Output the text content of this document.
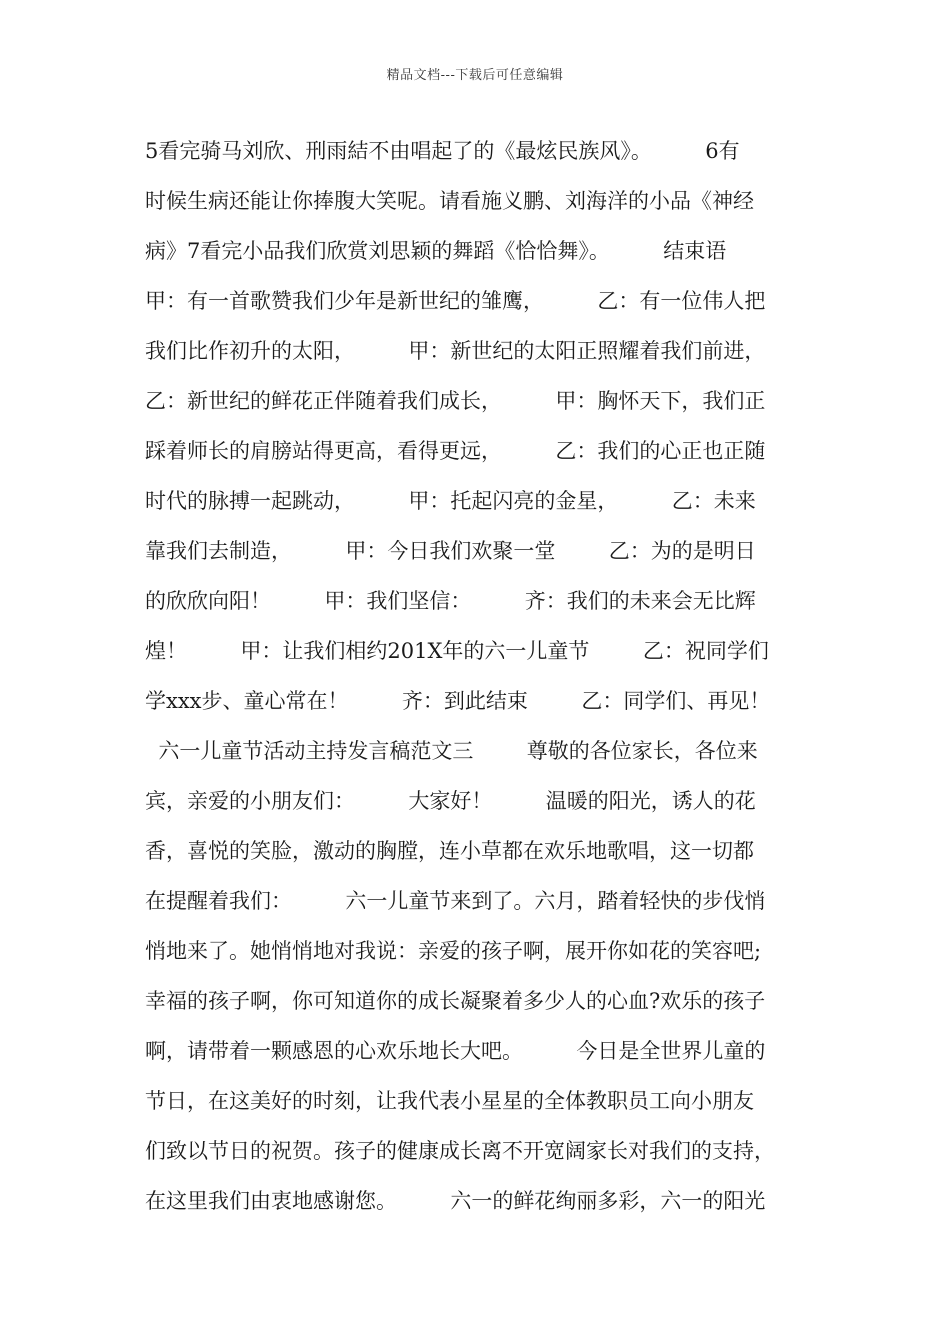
精品文档---下载后可任意编辑
5看完骑马刘欣、刑雨結不由唱起了的《最炫民族风》。        6有
时候生病还能让你捧腹大笑呢。请看施义鹏、刘海洋的小品《神经
病》7看完小品我们欣赏刘思颖的舞蹈《恰恰舞》。        结束语
甲：有一首歌赞我们少年是新世纪的雏鹰，        乙：有一位伟人把
我们比作初升的太阳，        甲：新世纪的太阳正照耀着我们前进，
乙：新世纪的鲜花正伴随着我们成长，        甲：胸怀天下，我们正
踩着师长的肩膀站得更高，看得更远，        乙：我们的心正也正随
时代的脉搏一起跳动，        甲：托起闪亮的金星，        乙：未来
靠我们去制造，        甲：今日我们欢聚一堂        乙：为的是明日
的欣欣向阳！        甲：我们坚信：        齐：我们的未来会无比辉
煌！        甲：让我们相约201X年的六一儿童节        乙：祝同学们
学xxx步、童心常在！        齐：到此结束        乙：同学们、再见！
六一儿童节活动主持发言稿范文三        尊敬的各位家长，各位来
宾，亲爱的小朋友们：        大家好！        温暖的阳光，诱人的花
香，喜悦的笑脸，激动的胸膛，连小草都在欢乐地歌唱，这一切都
在提醒着我们：        六一儿童节来到了。六月，踏着轻快的步伐悄
悄地来了。她悄悄地对我说：亲爱的孩子啊，展开你如花的笑容吧;
幸福的孩子啊，你可知道你的成长凝聚着多少人的心血?欢乐的孩子
啊，请带着一颗感恩的心欢乐地长大吧。        今日是全世界儿童的
节日，在这美好的时刻，让我代表小星星的全体教职员工向小朋友
们致以节日的祝贺。孩子的健康成长离不开宽阔家长对我们的支持，
在这里我们由衷地感谢您。        六一的鲜花绚丽多彩，六一的阳光
